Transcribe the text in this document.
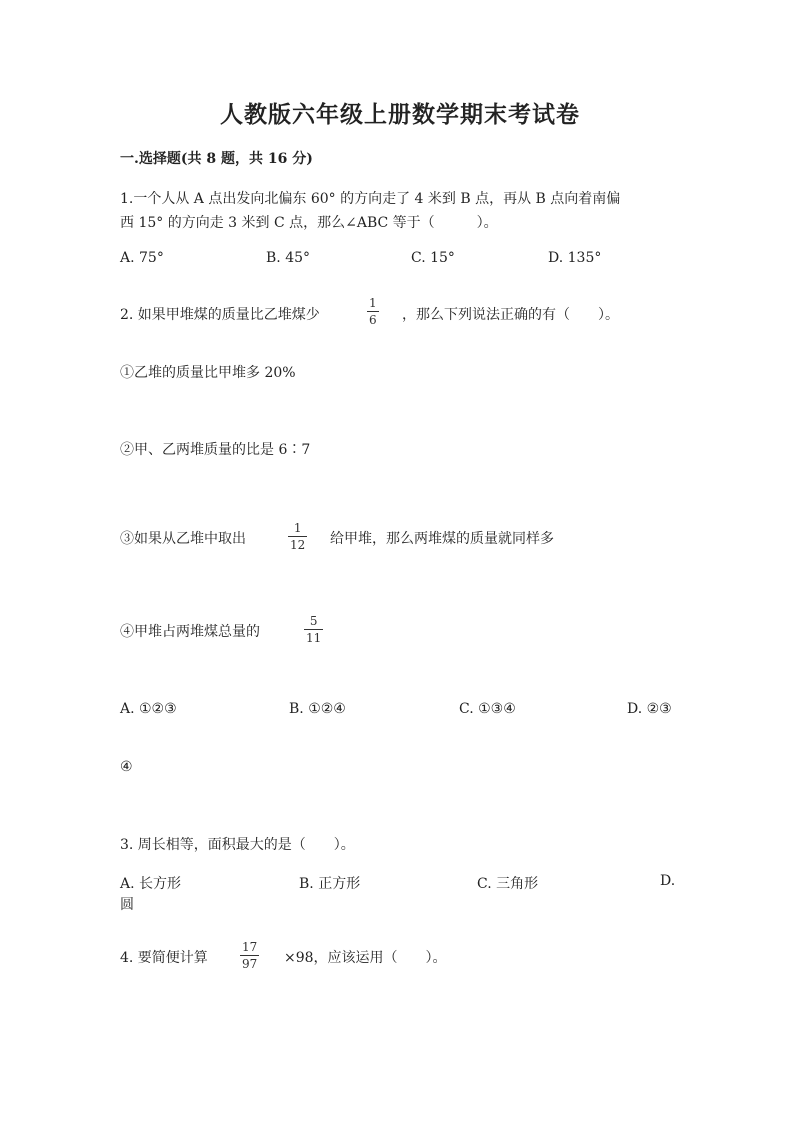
人教版六年级上册数学期末考试卷
一.选择题(共 8 题，共 16 分)
1.一个人从 A 点出发向北偏东 60° 的方向走了 4 米到 B 点，再从 B 点向着南偏
西 15° 的方向走 3 米到 C 点，那么∠ABC 等于（　　　）。
A. 75°	B. 45°	C. 15°	D. 135°
2. 如果甲堆煤的质量比乙堆煤少
1
6 ，那么下列说法正确的有（　　）。
①乙堆的质量比甲堆多 20%
②甲、乙两堆质量的比是 6∶7
③如果从乙堆中取出
1
12 给甲堆，那么两堆煤的质量就同样多
④甲堆占两堆煤总量的
5
11
A. ①②③	B. ①②④	C. ①③④	D. ②③
④
3. 周长相等，面积最大的是（　　）。
A. 长方形	B. 正方形	C. 三角形	D.
圆
4. 要简便计算
17
97 ×98，应该运用（　　）。
